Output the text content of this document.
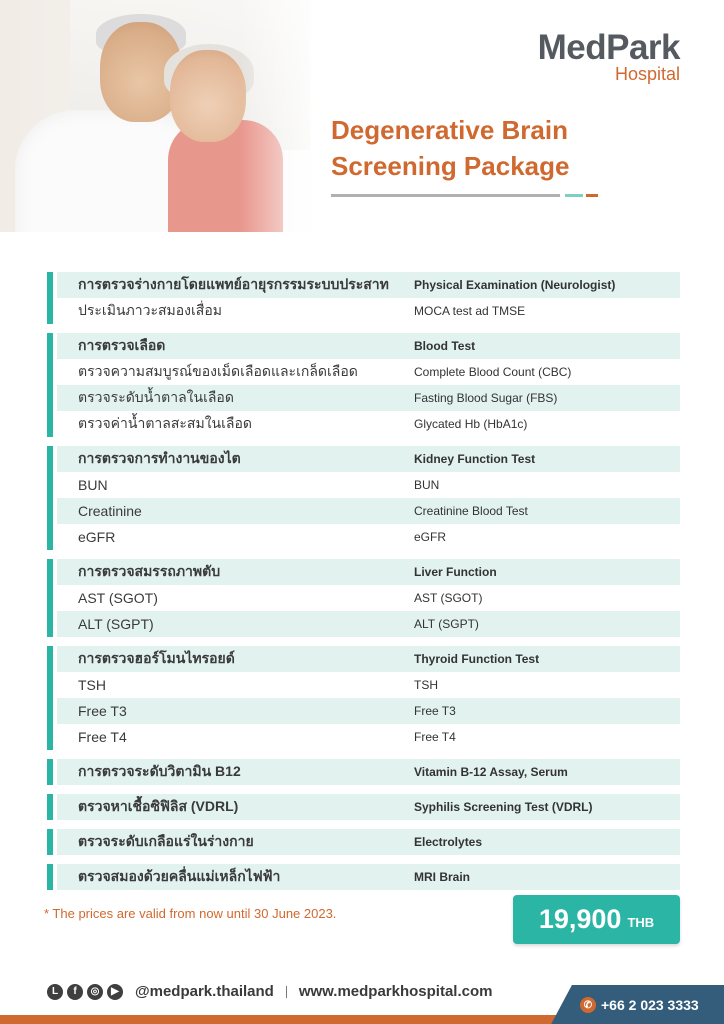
MedPark
Hospital
Degenerative Brain
Screening Package
การตรวจร่างกายโดยแพทย์อายุรกรรมระบบประสาท	Physical Examination (Neurologist)
ประเมินภาวะสมองเสื่อม	MOCA test ad TMSE
การตรวจเลือด	Blood Test
ตรวจความสมบูรณ์ของเม็ดเลือดและเกล็ดเลือด	Complete Blood Count (CBC)
ตรวจระดับน้ำตาลในเลือด	Fasting Blood Sugar (FBS)
ตรวจค่าน้ำตาลสะสมในเลือด	Glycated Hb (HbA1c)
การตรวจการทำงานของไต	Kidney Function Test
BUN	BUN
Creatinine	Creatinine Blood Test
eGFR	eGFR
การตรวจสมรรถภาพตับ	Liver Function
AST (SGOT)	AST (SGOT)
ALT (SGPT)	ALT (SGPT)
การตรวจฮอร์โมนไทรอยด์	Thyroid Function Test
TSH	TSH
Free T3	Free T3
Free T4	Free T4
การตรวจระดับวิตามิน B12	Vitamin B-12 Assay, Serum
ตรวจหาเชื้อซิฟิลิส (VDRL)	Syphilis Screening Test (VDRL)
ตรวจระดับเกลือแร่ในร่างกาย	Electrolytes
ตรวจสมองด้วยคลื่นแม่เหล็กไฟฟ้า	MRI Brain
* The prices are valid from now until 30 June 2023.	19,900 THB
L	f	◎	▶ @medpark.thailand www.medparkhospital.com
✆ +66 2 023 3333
